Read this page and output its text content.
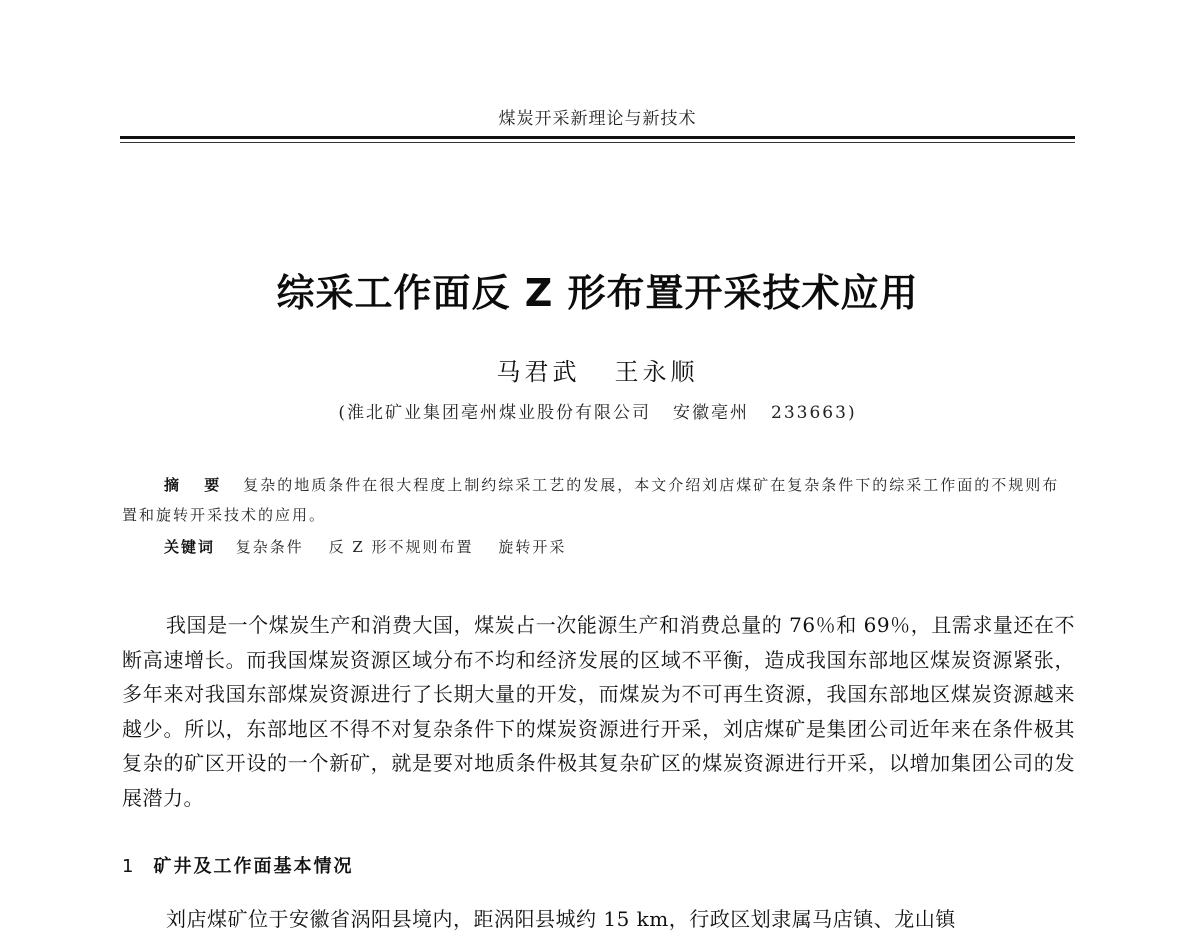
煤炭开采新理论与新技术
综采工作面反 Z 形布置开采技术应用
马君武 王永顺
(淮北矿业集团亳州煤业股份有限公司 安徽亳州 233663)
摘 要 复杂的地质条件在很大程度上制约综采工艺的发展，本文介绍刘店煤矿在复杂条件下的综采工作面的不规则布置和旋转开采技术的应用。
关键词 复杂条件 反 Z 形不规则布置 旋转开采
我国是一个煤炭生产和消费大国，煤炭占一次能源生产和消费总量的 76％和 69％，且需求量还在不断高速增长。而我国煤炭资源区域分布不均和经济发展的区域不平衡，造成我国东部地区煤炭资源紧张，多年来对我国东部煤炭资源进行了长期大量的开发，而煤炭为不可再生资源，我国东部地区煤炭资源越来越少。所以，东部地区不得不对复杂条件下的煤炭资源进行开采，刘店煤矿是集团公司近年来在条件极其复杂的矿区开设的一个新矿，就是要对地质条件极其复杂矿区的煤炭资源进行开采，以增加集团公司的发展潜力。
1 矿井及工作面基本情况
刘店煤矿位于安徽省涡阳县境内，距涡阳县城约 15 km，行政区划隶属马店镇、龙山镇
